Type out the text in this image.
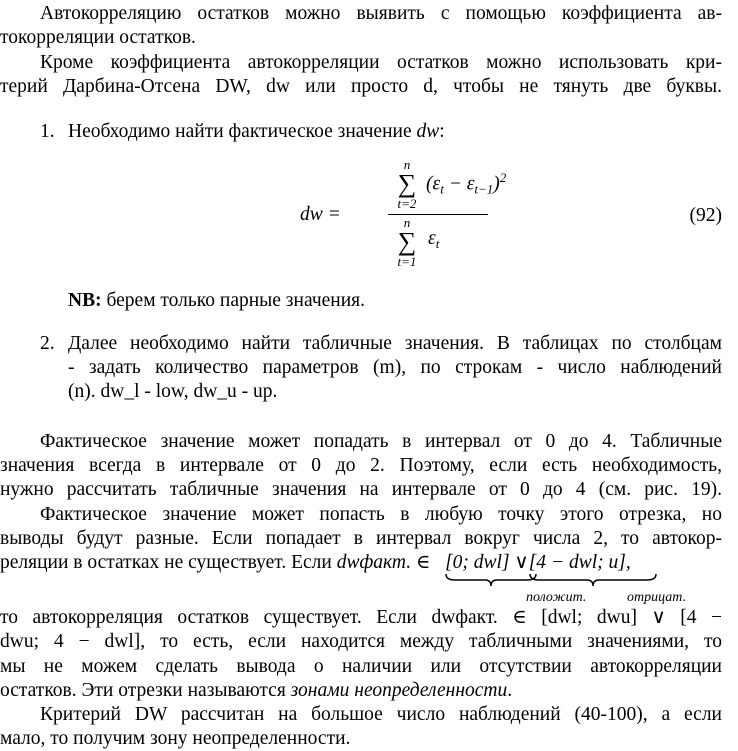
Автокорреляцию остатков можно выявить с помощью коэффициента ав-
токорреляции остатков.
Кроме коэффициента автокорреляции остатков можно использовать кри-
терий Дарбина-Отсена DW, dw или просто d, чтобы не тянуть две буквы.
1. Необходимо найти фактическое значение dw:
dw =
n
∑
t=2
$(\varepsilon_t - \varepsilon_{t-1})^2$
n
∑
t=1
$\varepsilon_t$
(92)
NB: берем только парные значения.
2. Далее необходимо найти табличные значения. В таблицах по столбцам
- задать количество параметров (m), по строкам - число наблюдений
(n). dw_l - low, dw_u - up.
Фактическое значение может попадать в интервал от 0 до 4. Табличные
значения всегда в интервале от 0 до 2. Поэтому, если есть необходимость,
нужно рассчитать табличные значения на интервале от 0 до 4 (см. рис. 19).
Фактическое значение может попасть в любую точку этого отрезка, но
выводы будут разные. Если попадает в интервал вокруг числа 2, то автокор-
реляции в остатках не существует. Если dwфакт. ∈ [0; dwl] ∨[4 − dwl; u],
положит.	отрицат.
то автокорреляция остатков существует. Если dwфакт. ∈ [dwl; dwu] ∨ [4 −
dwu; 4 − dwl], то есть, если находится между табличными значениями, то
мы не можем сделать вывода о наличии или отсутствии автокорреляции
остатков. Эти отрезки называются зонами неопределенности.
Критерий DW рассчитан на большое число наблюдений (40-100), а если
мало, то получим зону неопределенности.
